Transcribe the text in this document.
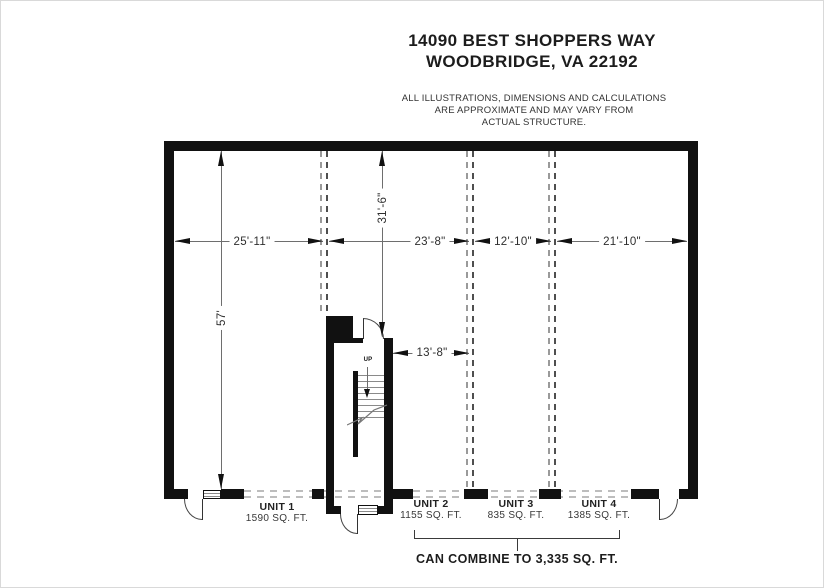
14090 BEST SHOPPERS WAY
WOODBRIDGE, VA 22192
ALL ILLUSTRATIONS, DIMENSIONS AND CALCULATIONS
ARE APPROXIMATE AND MAY VARY FROM
ACTUAL STRUCTURE.
UP
25'-11"	23'-8"	12'-10"	21'-10"
57'
31'-6"
13'-8"
UNIT 1
1590 SQ. FT.
UNIT 2
1155 SQ. FT.
UNIT 3
835 SQ. FT.
UNIT 4
1385 SQ. FT.
CAN COMBINE TO 3,335 SQ. FT.
